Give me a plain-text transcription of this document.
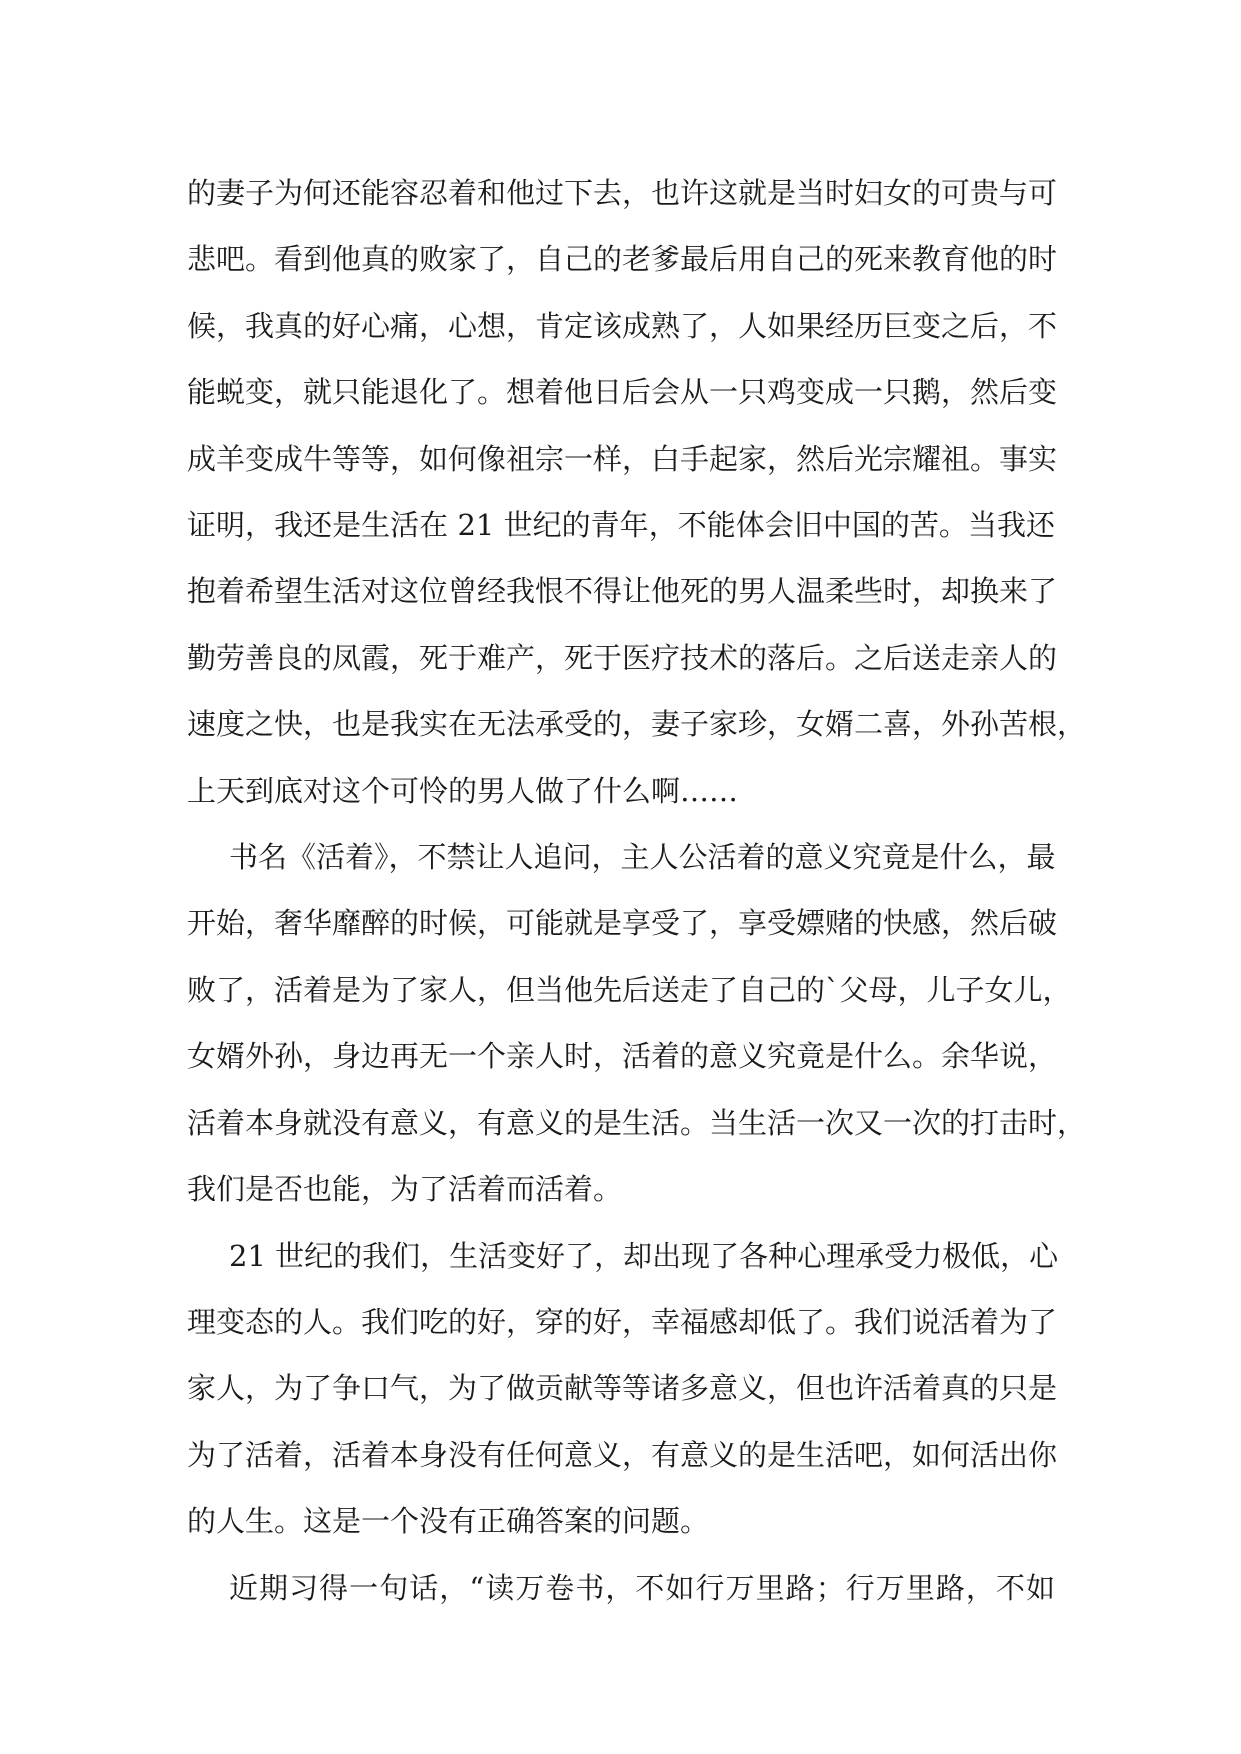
的妻子为何还能容忍着和他过下去，也许这就是当时妇女的可贵与可
悲吧。看到他真的败家了，自己的老爹最后用自己的死来教育他的时
候，我真的好心痛，心想，肯定该成熟了，人如果经历巨变之后，不
能蜕变，就只能退化了。想着他日后会从一只鸡变成一只鹅，然后变
成羊变成牛等等，如何像祖宗一样，白手起家，然后光宗耀祖。事实
证明，我还是生活在 21 世纪的青年，不能体会旧中国的苦。当我还
抱着希望生活对这位曾经我恨不得让他死的男人温柔些时，却换来了
勤劳善良的凤霞，死于难产，死于医疗技术的落后。之后送走亲人的
速度之快，也是我实在无法承受的，妻子家珍，女婿二喜，外孙苦根，
上天到底对这个可怜的男人做了什么啊……
书名《活着》，不禁让人追问，主人公活着的意义究竟是什么，最
开始，奢华靡醉的时候，可能就是享受了，享受嫖赌的快感，然后破
败了，活着是为了家人，但当他先后送走了自己的`父母，儿子女儿，
女婿外孙，身边再无一个亲人时，活着的意义究竟是什么。余华说，
活着本身就没有意义，有意义的是生活。当生活一次又一次的打击时，
我们是否也能，为了活着而活着。
21 世纪的我们，生活变好了，却出现了各种心理承受力极低，心
理变态的人。我们吃的好，穿的好，幸福感却低了。我们说活着为了
家人，为了争口气，为了做贡献等等诸多意义，但也许活着真的只是
为了活着，活着本身没有任何意义，有意义的是生活吧，如何活出你
的人生。这是一个没有正确答案的问题。
近期习得一句话，“读万卷书，不如行万里路；行万里路，不如
